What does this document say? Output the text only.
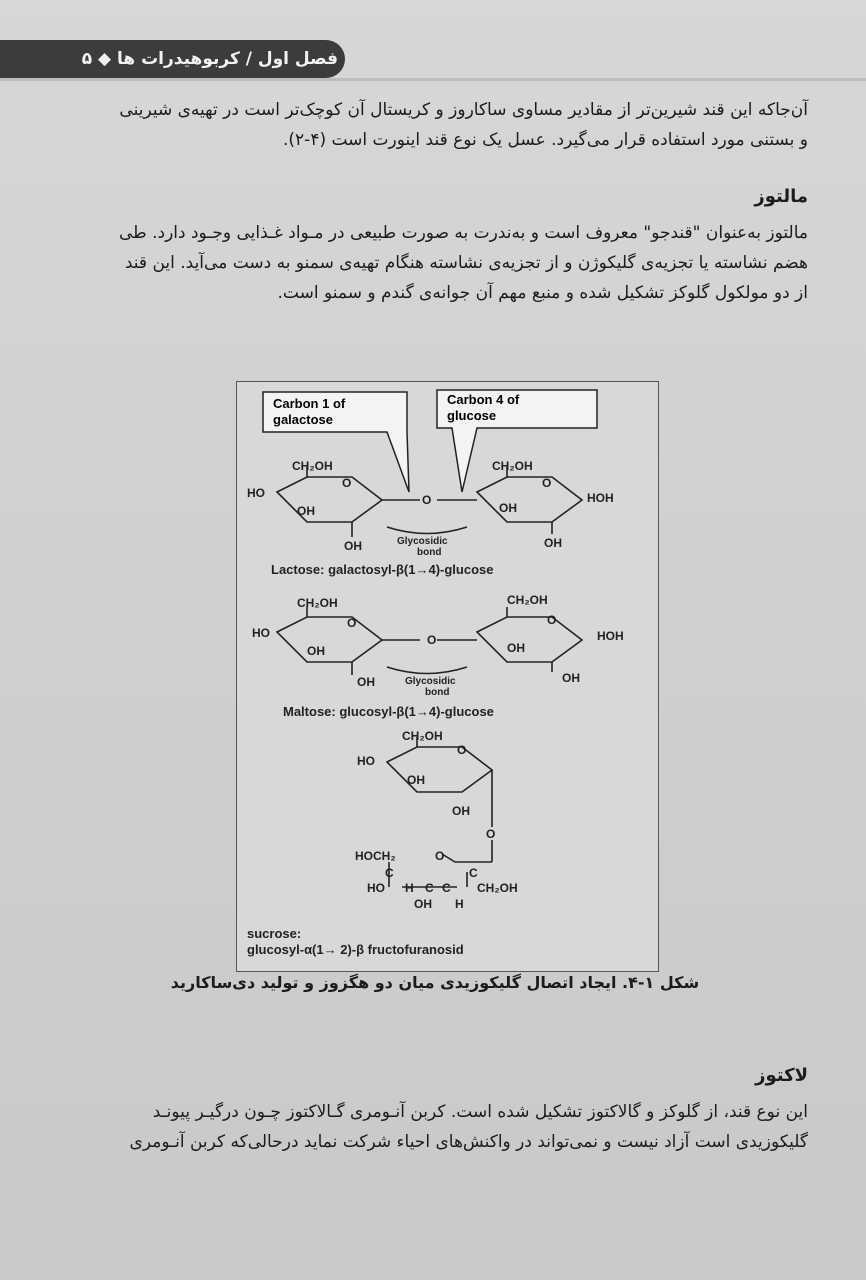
فصل اول / کربوهیدرات ها ◆ ۵

آن‌جاکه این قند شیرین‌تر از مقادیر مساوی ساکاروز و کریستال آن کوچک‌تر است در تهیه‌ی شیرینی

و بستنی مورد استفاده قرار می‌گیرد. عسل یک نوع قند اینورت است (۴-۲).

مالتوز

مالتوز به‌عنوان "قندجو" معروف است و به‌ندرت به صورت طبیعی در مـواد غـذایی وجـود دارد. طی

هضم نشاسته یا تجزیه‌ی گلیکوژن و از تجزیه‌ی نشاسته هنگام تهیه‌ی سمنو به دست می‌آید. این قند

از دو مولکول گلوکز تشکیل شده و منبع مهم آن جوانه‌ی گندم و سمنو است.

Carbon 1 of
galactose
Carbon 4 of
glucose
CH₂OH	CH₂OH
HO
O	O
OH	OH
O	HOH
OH	OH
Glycosidic
bond
Lactose: galactosyl-β(1→4)-glucose
CH₂OH	CH₂OH
HO
O	O
OH	OH
O	HOH
OH	OH
Glycosidic
bond
Maltose: glucosyl-β(1→4)-glucose
CH₂OH
HO
O
OH
OH
O
HOCH₂	O
C	C
HO H C C CH₂OH
OH H
sucrose:
glucosyl-α(1→ 2)-β fructofuranosid
شکل ۱-۴. ایجاد اتصال گلیکوزیدی میان دو هگزوز و تولید دی‌ساکارید
لاکتوز

این نوع قند، از گلوکز و گالاکتوز تشکیل شده است. کربن آنـومری گـالاکتوز چـون درگیـر پیونـد

گلیکوزیدی است آزاد نیست و نمی‌تواند در واکنش‌های احیاء شرکت نماید درحالی‌که کربن آنـومری
